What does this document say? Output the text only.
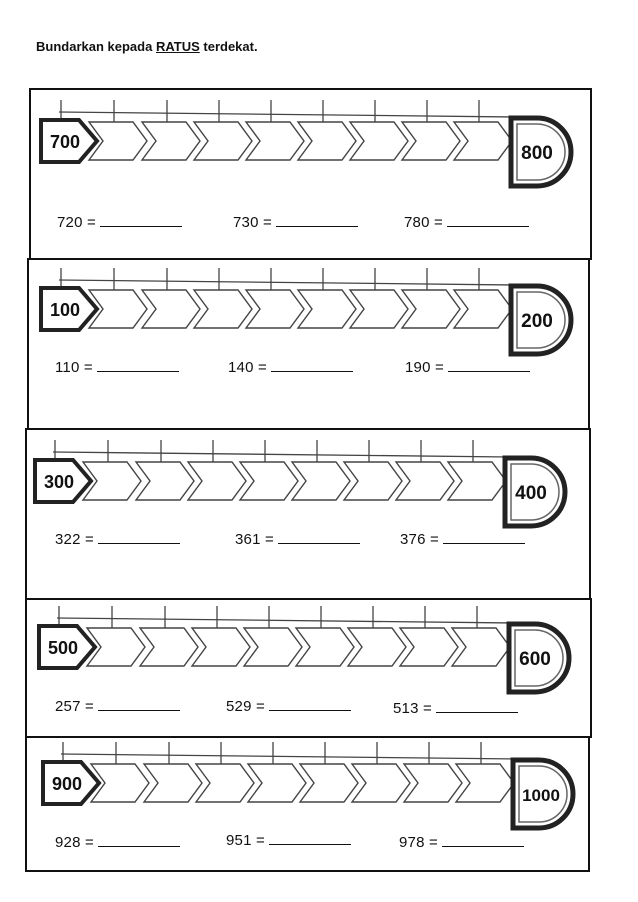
Bundarkan kepada RATUS terdekat.
700
800
720 =	730 =	780 =
100
200
110 =	140 =	190 =
300
400
322 =	361 =	376 =
500
600
257 =	529 =	513 =
900
1000
928 =	951 =	978 =
